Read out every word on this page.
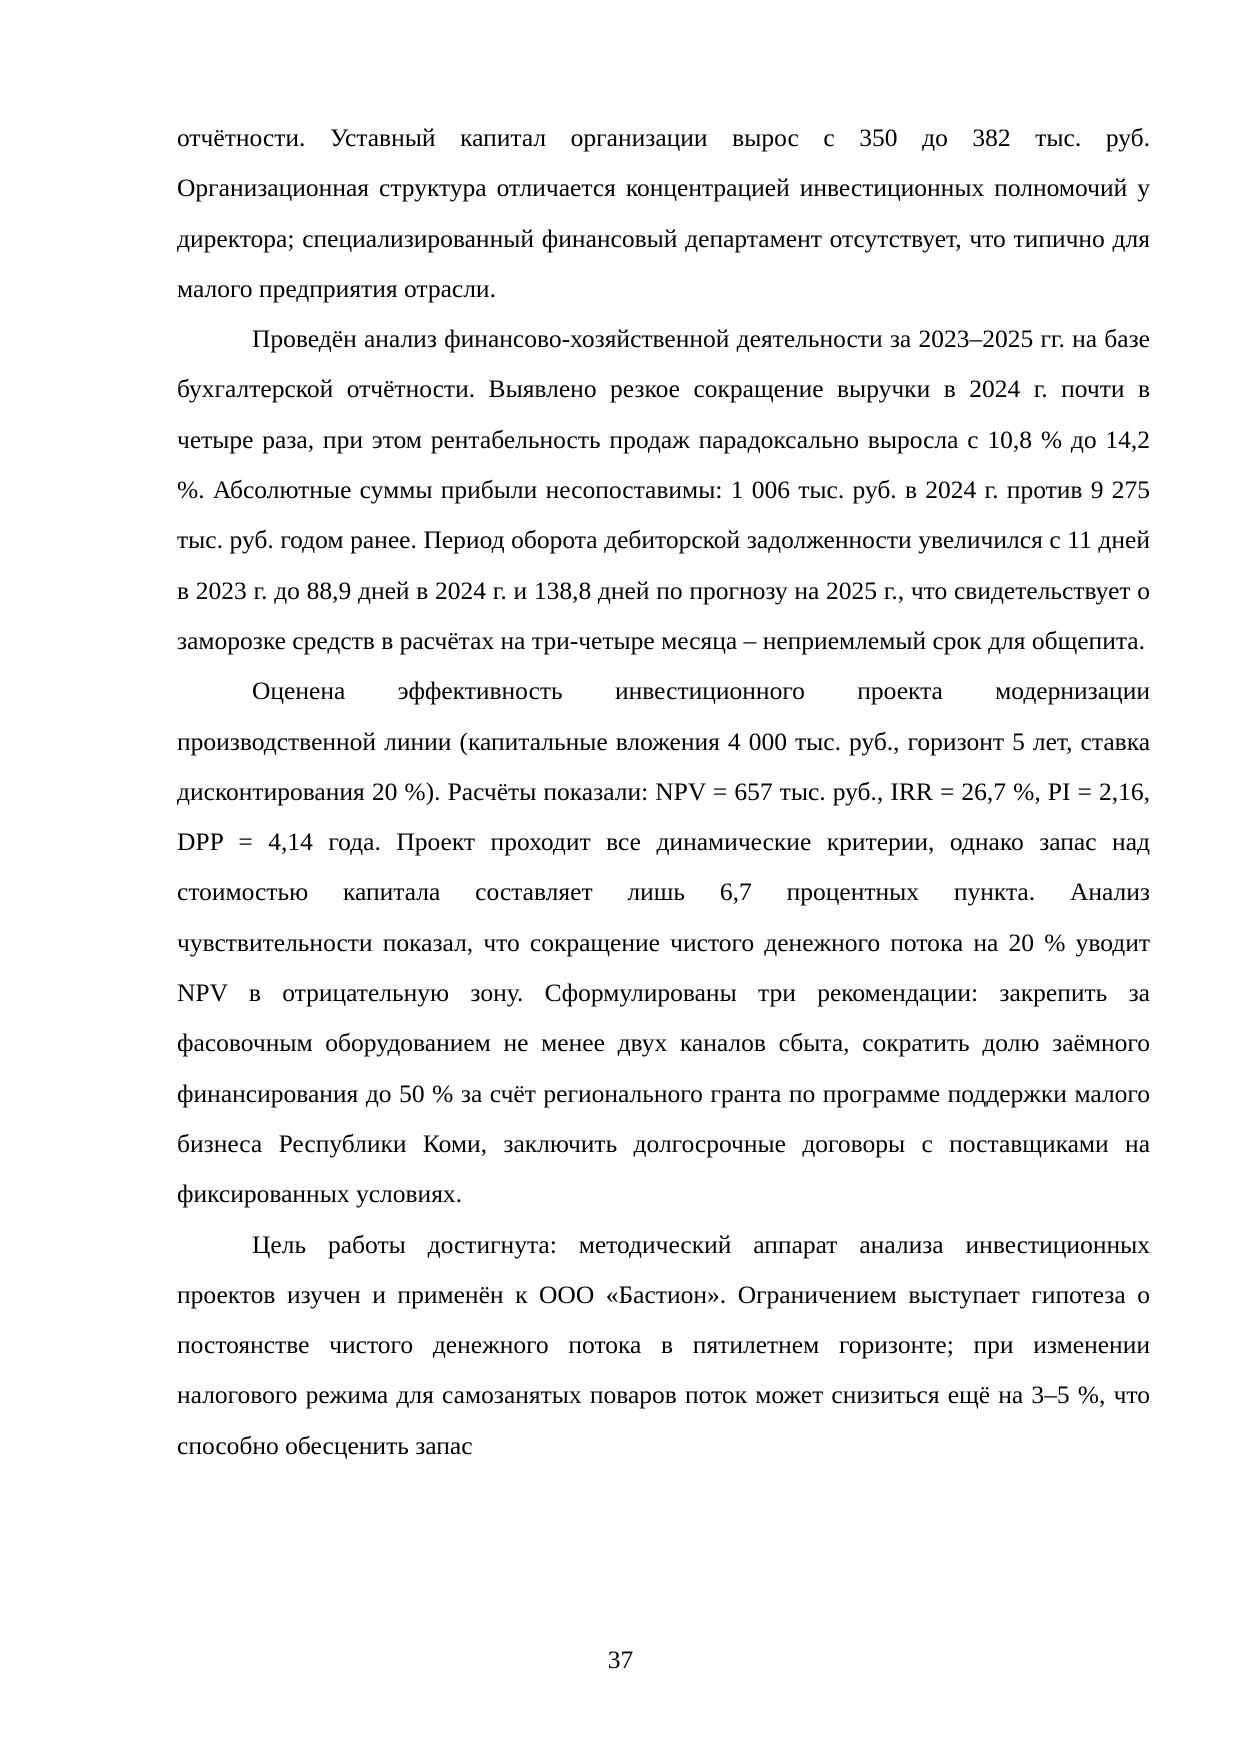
отчётности. Уставный капитал организации вырос с 350 до 382 тыс. руб. Организационная структура отличается концентрацией инвестиционных полномочий у директора; специализированный финансовый департамент отсутствует, что типично для малого предприятия отрасли.

Проведён анализ финансово-хозяйственной деятельности за 2023–2025 гг. на базе бухгалтерской отчётности. Выявлено резкое сокращение выручки в 2024 г. почти в четыре раза, при этом рентабельность продаж парадоксально выросла с 10,8 % до 14,2 %. Абсолютные суммы прибыли несопоставимы: 1 006 тыс. руб. в 2024 г. против 9 275 тыс. руб. годом ранее. Период оборота дебиторской задолженности увеличился с 11 дней в 2023 г. до 88,9 дней в 2024 г. и 138,8 дней по прогнозу на 2025 г., что свидетельствует о заморозке средств в расчётах на три-четыре месяца – неприемлемый срок для общепита.

Оценена эффективность инвестиционного проекта модернизации производственной линии (капитальные вложения 4 000 тыс. руб., горизонт 5 лет, ставка дисконтирования 20 %). Расчёты показали: NPV = 657 тыс. руб., IRR = 26,7 %, PI = 2,16, DPP = 4,14 года. Проект проходит все динамические критерии, однако запас над стоимостью капитала составляет лишь 6,7 процентных пункта. Анализ чувствительности показал, что сокращение чистого денежного потока на 20 % уводит NPV в отрицательную зону. Сформулированы три рекомендации: закрепить за фасовочным оборудованием не менее двух каналов сбыта, сократить долю заёмного финансирования до 50 % за счёт регионального гранта по программе поддержки малого бизнеса Республики Коми, заключить долгосрочные договоры с поставщиками на фиксированных условиях.

Цель работы достигнута: методический аппарат анализа инвестиционных проектов изучен и применён к ООО «Бастион». Ограничением выступает гипотеза о постоянстве чистого денежного потока в пятилетнем горизонте; при изменении налогового режима для самозанятых поваров поток может снизиться ещё на 3–5 %, что способно обесценить запас

37
